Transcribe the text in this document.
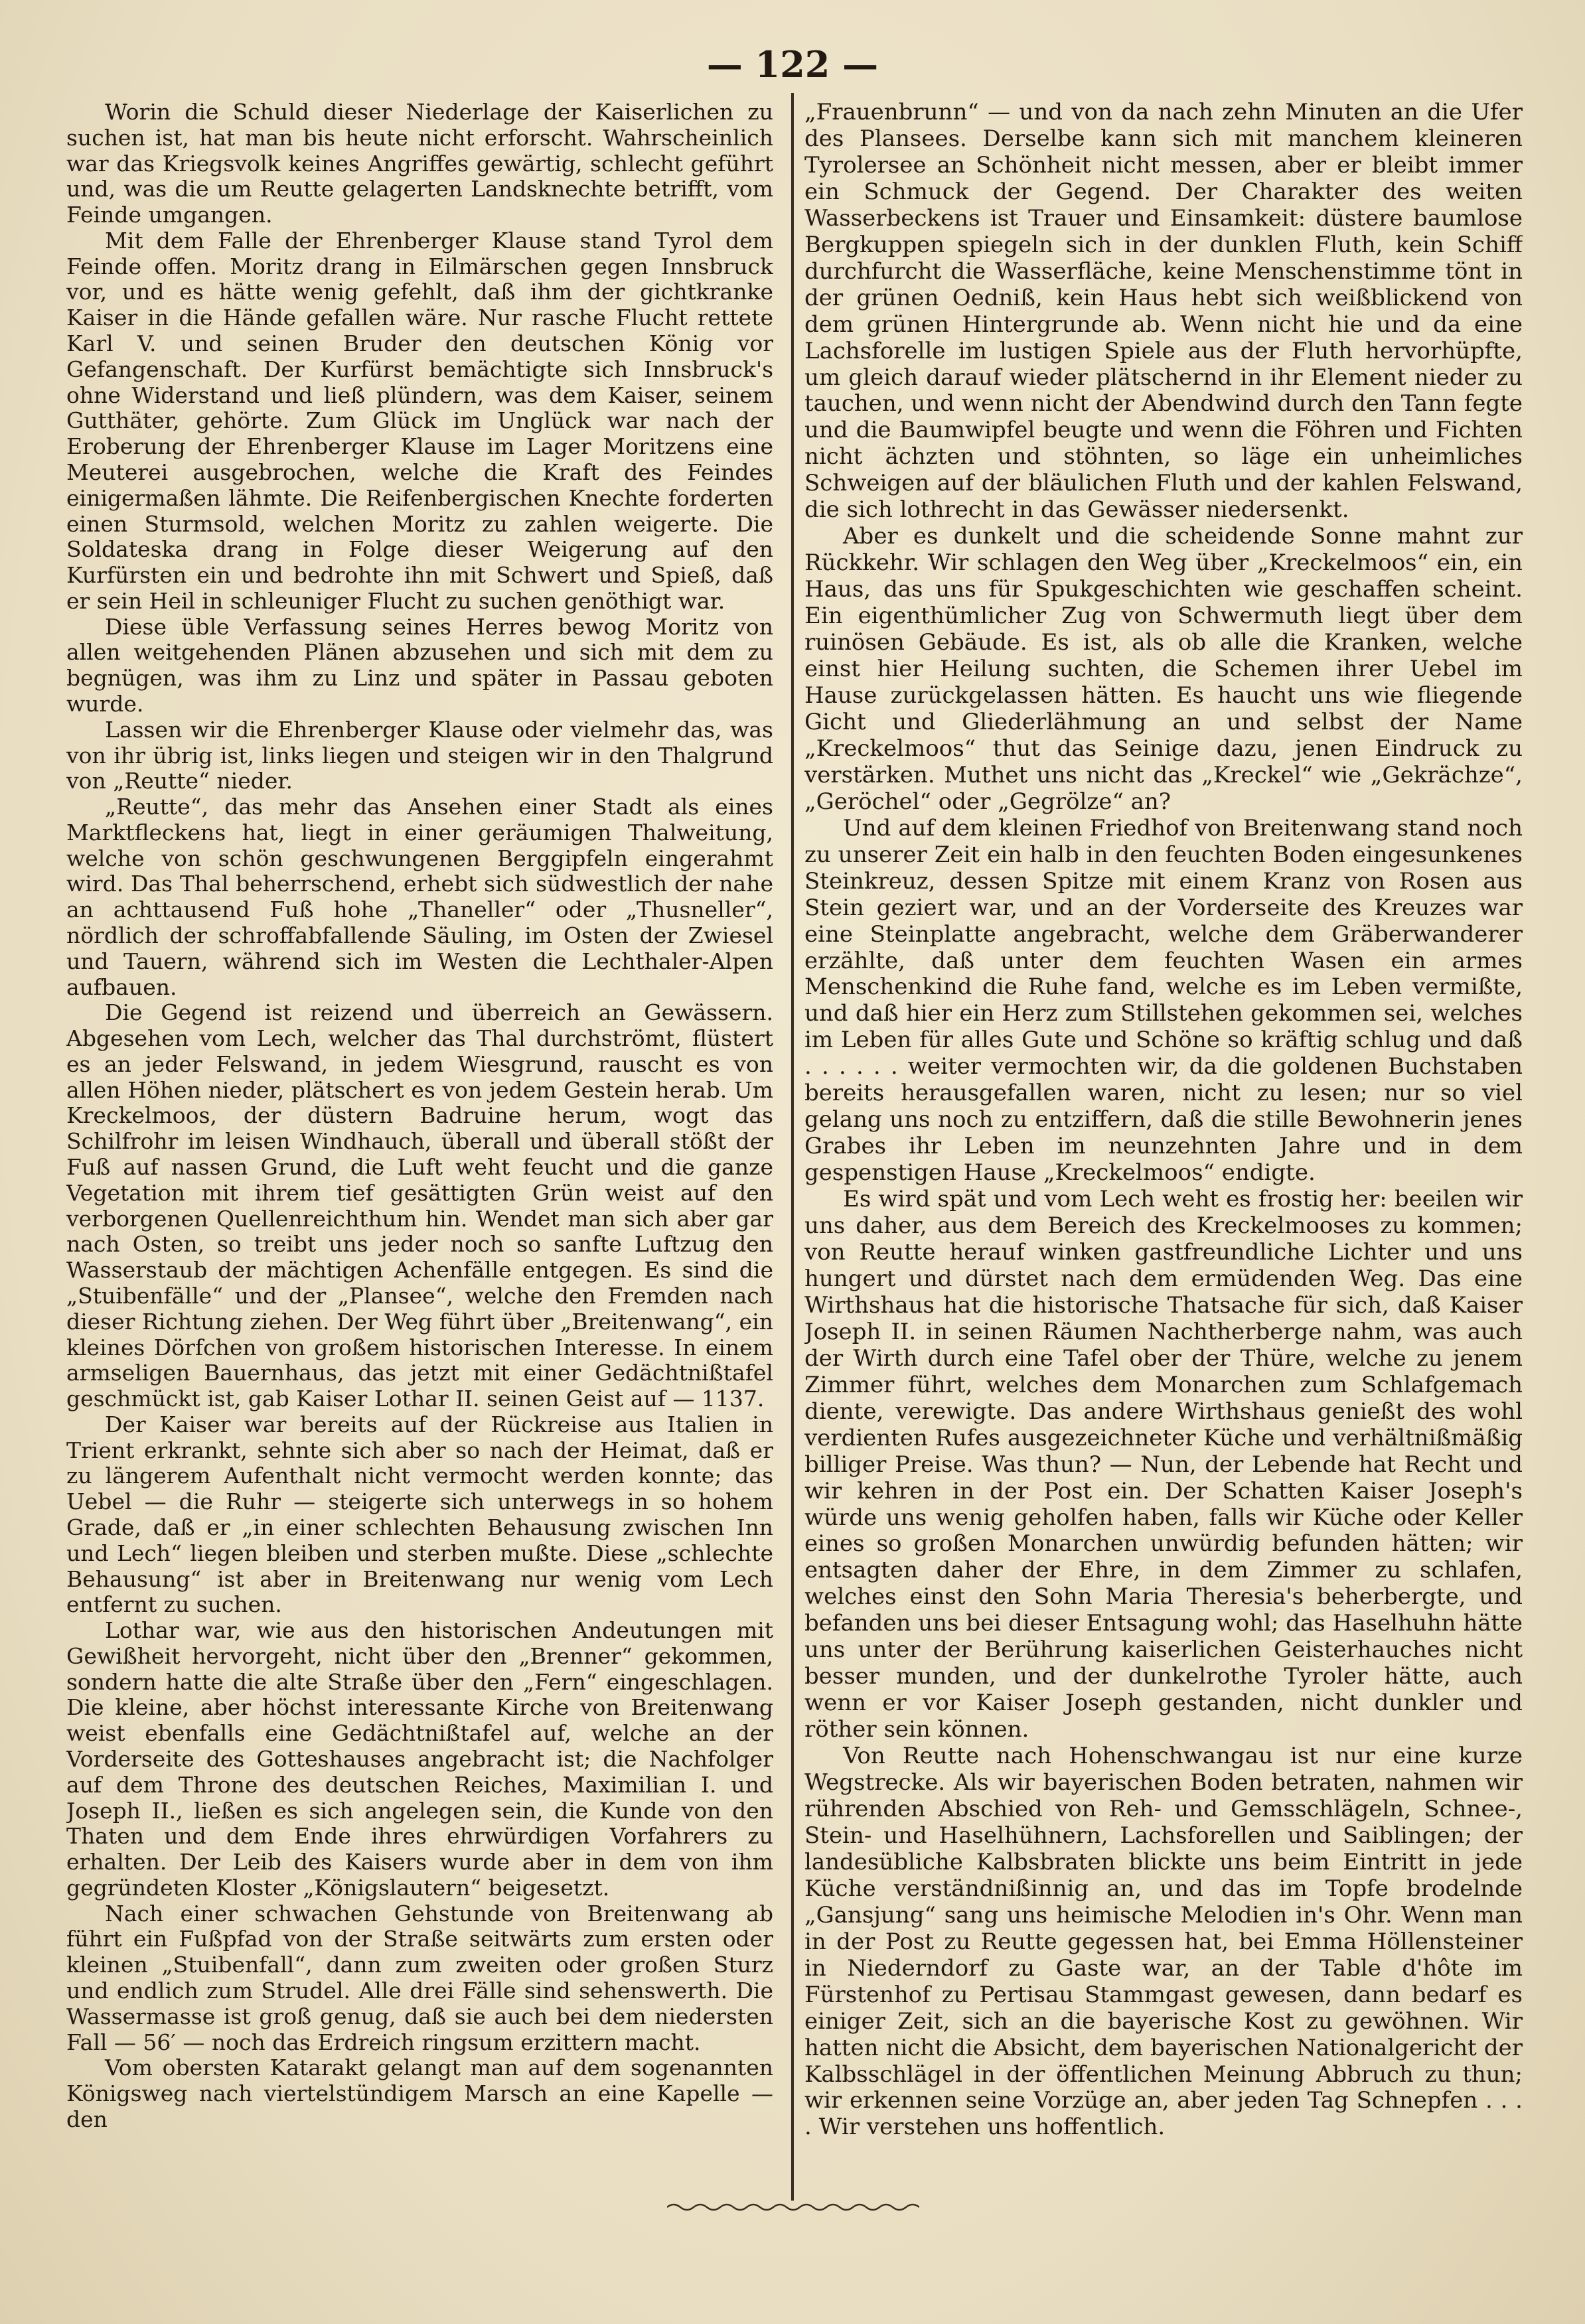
— 122 —

Worin die Schuld dieser Niederlage der Kaiserlichen zu suchen ist, hat man bis heute nicht erforscht. Wahrscheinlich war das Kriegsvolk keines Angriffes gewärtig, schlecht geführt und, was die um Reutte gelagerten Landsknechte betrifft, vom Feinde umgangen.

Mit dem Falle der Ehrenberger Klause stand Tyrol dem Feinde offen. Moritz drang in Eilmärschen gegen Innsbruck vor, und es hätte wenig gefehlt, daß ihm der gichtkranke Kaiser in die Hände gefallen wäre. Nur rasche Flucht rettete Karl V. und seinen Bruder den deutschen König vor Gefangenschaft. Der Kurfürst bemächtigte sich Innsbruck's ohne Widerstand und ließ plündern, was dem Kaiser, seinem Gutthäter, gehörte. Zum Glück im Unglück war nach der Eroberung der Ehrenberger Klause im Lager Moritzens eine Meuterei ausgebrochen, welche die Kraft des Feindes einigermaßen lähmte. Die Reifenbergischen Knechte forderten einen Sturmsold, welchen Moritz zu zahlen weigerte. Die Soldateska drang in Folge dieser Weigerung auf den Kurfürsten ein und bedrohte ihn mit Schwert und Spieß, daß er sein Heil in schleuniger Flucht zu suchen genöthigt war.

Diese üble Verfassung seines Herres bewog Moritz von allen weitgehenden Plänen abzusehen und sich mit dem zu begnügen, was ihm zu Linz und später in Passau geboten wurde.

Lassen wir die Ehrenberger Klause oder vielmehr das, was von ihr übrig ist, links liegen und steigen wir in den Thalgrund von „Reutte“ nieder.

„Reutte“, das mehr das Ansehen einer Stadt als eines Marktfleckens hat, liegt in einer geräumigen Thalweitung, welche von schön geschwungenen Berggipfeln eingerahmt wird. Das Thal beherrschend, erhebt sich südwestlich der nahe an achttausend Fuß hohe „Thaneller“ oder „Thusneller“, nördlich der schroffabfallende Säuling, im Osten der Zwiesel und Tauern, während sich im Westen die Lechthaler-Alpen aufbauen.

Die Gegend ist reizend und überreich an Gewässern. Abgesehen vom Lech, welcher das Thal durchströmt, flüstert es an jeder Felswand, in jedem Wiesgrund, rauscht es von allen Höhen nieder, plätschert es von jedem Gestein herab. Um Kreckelmoos, der düstern Badruine herum, wogt das Schilfrohr im leisen Windhauch, überall und überall stößt der Fuß auf nassen Grund, die Luft weht feucht und die ganze Vegetation mit ihrem tief gesättigten Grün weist auf den verborgenen Quellenreichthum hin. Wendet man sich aber gar nach Osten, so treibt uns jeder noch so sanfte Luftzug den Wasserstaub der mächtigen Achenfälle entgegen. Es sind die „Stuibenfälle“ und der „Plansee“, welche den Fremden nach dieser Richtung ziehen. Der Weg führt über „Breitenwang“, ein kleines Dörfchen von großem historischen Interesse. In einem armseligen Bauernhaus, das jetzt mit einer Gedächtnißtafel geschmückt ist, gab Kaiser Lothar II. seinen Geist auf — 1137.

Der Kaiser war bereits auf der Rückreise aus Italien in Trient erkrankt, sehnte sich aber so nach der Heimat, daß er zu längerem Aufenthalt nicht vermocht werden konnte; das Uebel — die Ruhr — steigerte sich unterwegs in so hohem Grade, daß er „in einer schlechten Behausung zwischen Inn und Lech“ liegen bleiben und sterben mußte. Diese „schlechte Behausung“ ist aber in Breitenwang nur wenig vom Lech entfernt zu suchen.

Lothar war, wie aus den historischen Andeutungen mit Gewißheit hervorgeht, nicht über den „Brenner“ gekommen, sondern hatte die alte Straße über den „Fern“ eingeschlagen. Die kleine, aber höchst interessante Kirche von Breitenwang weist ebenfalls eine Gedächtnißtafel auf, welche an der Vorderseite des Gotteshauses angebracht ist; die Nachfolger auf dem Throne des deutschen Reiches, Maximilian I. und Joseph II., ließen es sich angelegen sein, die Kunde von den Thaten und dem Ende ihres ehrwürdigen Vorfahrers zu erhalten. Der Leib des Kaisers wurde aber in dem von ihm gegründeten Kloster „Königslautern“ beigesetzt.

Nach einer schwachen Gehstunde von Breitenwang ab führt ein Fußpfad von der Straße seitwärts zum ersten oder kleinen „Stuibenfall“, dann zum zweiten oder großen Sturz und endlich zum Strudel. Alle drei Fälle sind sehenswerth. Die Wassermasse ist groß genug, daß sie auch bei dem niedersten Fall — 56′ — noch das Erdreich ringsum erzittern macht.

Vom obersten Katarakt gelangt man auf dem sogenannten Königsweg nach viertelstündigem Marsch an eine Kapelle — den

„Frauenbrunn“ — und von da nach zehn Minuten an die Ufer des Plansees. Derselbe kann sich mit manchem kleineren Tyrolersee an Schönheit nicht messen, aber er bleibt immer ein Schmuck der Gegend. Der Charakter des weiten Wasserbeckens ist Trauer und Einsamkeit: düstere baumlose Bergkuppen spiegeln sich in der dunklen Fluth, kein Schiff durchfurcht die Wasserfläche, keine Menschenstimme tönt in der grünen Oedniß, kein Haus hebt sich weißblickend von dem grünen Hintergrunde ab. Wenn nicht hie und da eine Lachsforelle im lustigen Spiele aus der Fluth hervorhüpfte, um gleich darauf wieder plätschernd in ihr Element nieder zu tauchen, und wenn nicht der Abendwind durch den Tann fegte und die Baumwipfel beugte und wenn die Föhren und Fichten nicht ächzten und stöhnten, so läge ein unheimliches Schweigen auf der bläulichen Fluth und der kahlen Felswand, die sich lothrecht in das Gewässer niedersenkt.

Aber es dunkelt und die scheidende Sonne mahnt zur Rückkehr. Wir schlagen den Weg über „Kreckelmoos“ ein, ein Haus, das uns für Spukgeschichten wie geschaffen scheint. Ein eigenthümlicher Zug von Schwermuth liegt über dem ruinösen Gebäude. Es ist, als ob alle die Kranken, welche einst hier Heilung suchten, die Schemen ihrer Uebel im Hause zurückgelassen hätten. Es haucht uns wie fliegende Gicht und Gliederlähmung an und selbst der Name „Kreckelmoos“ thut das Seinige dazu, jenen Eindruck zu verstärken. Muthet uns nicht das „Kreckel“ wie „Gekrächze“, „Geröchel“ oder „Gegrölze“ an?

Und auf dem kleinen Friedhof von Breitenwang stand noch zu unserer Zeit ein halb in den feuchten Boden eingesunkenes Steinkreuz, dessen Spitze mit einem Kranz von Rosen aus Stein geziert war, und an der Vorderseite des Kreuzes war eine Steinplatte angebracht, welche dem Gräberwanderer erzählte, daß unter dem feuchten Wasen ein armes Menschenkind die Ruhe fand, welche es im Leben vermißte, und daß hier ein Herz zum Stillstehen gekommen sei, welches im Leben für alles Gute und Schöne so kräftig schlug und daß . . . . . . weiter vermochten wir, da die goldenen Buchstaben bereits herausgefallen waren, nicht zu lesen; nur so viel gelang uns noch zu entziffern, daß die stille Bewohnerin jenes Grabes ihr Leben im neunzehnten Jahre und in dem gespenstigen Hause „Kreckelmoos“ endigte.

Es wird spät und vom Lech weht es frostig her: beeilen wir uns daher, aus dem Bereich des Kreckelmooses zu kommen; von Reutte herauf winken gastfreundliche Lichter und uns hungert und dürstet nach dem ermüdenden Weg. Das eine Wirthshaus hat die historische Thatsache für sich, daß Kaiser Joseph II. in seinen Räumen Nachtherberge nahm, was auch der Wirth durch eine Tafel ober der Thüre, welche zu jenem Zimmer führt, welches dem Monarchen zum Schlafgemach diente, verewigte. Das andere Wirthshaus genießt des wohl verdienten Rufes ausgezeichneter Küche und verhältnißmäßig billiger Preise. Was thun? — Nun, der Lebende hat Recht und wir kehren in der Post ein. Der Schatten Kaiser Joseph's würde uns wenig geholfen haben, falls wir Küche oder Keller eines so großen Monarchen unwürdig befunden hätten; wir entsagten daher der Ehre, in dem Zimmer zu schlafen, welches einst den Sohn Maria Theresia's beherbergte, und befanden uns bei dieser Entsagung wohl; das Haselhuhn hätte uns unter der Berührung kaiserlichen Geisterhauches nicht besser munden, und der dunkelrothe Tyroler hätte, auch wenn er vor Kaiser Joseph gestanden, nicht dunkler und röther sein können.

Von Reutte nach Hohenschwangau ist nur eine kurze Wegstrecke. Als wir bayerischen Boden betraten, nahmen wir rührenden Abschied von Reh- und Gemsschlägeln, Schnee-, Stein- und Haselhühnern, Lachsforellen und Saiblingen; der landesübliche Kalbsbraten blickte uns beim Eintritt in jede Küche verständnißinnig an, und das im Topfe brodelnde „Gansjung“ sang uns heimische Melodien in's Ohr. Wenn man in der Post zu Reutte gegessen hat, bei Emma Höllensteiner in Niederndorf zu Gaste war, an der Table d'hôte im Fürstenhof zu Pertisau Stammgast gewesen, dann bedarf es einiger Zeit, sich an die bayerische Kost zu gewöhnen. Wir hatten nicht die Absicht, dem bayerischen Nationalgericht der Kalbsschlägel in der öffentlichen Meinung Abbruch zu thun; wir erkennen seine Vorzüge an, aber jeden Tag Schnepfen . . . . Wir verstehen uns hoffentlich.
